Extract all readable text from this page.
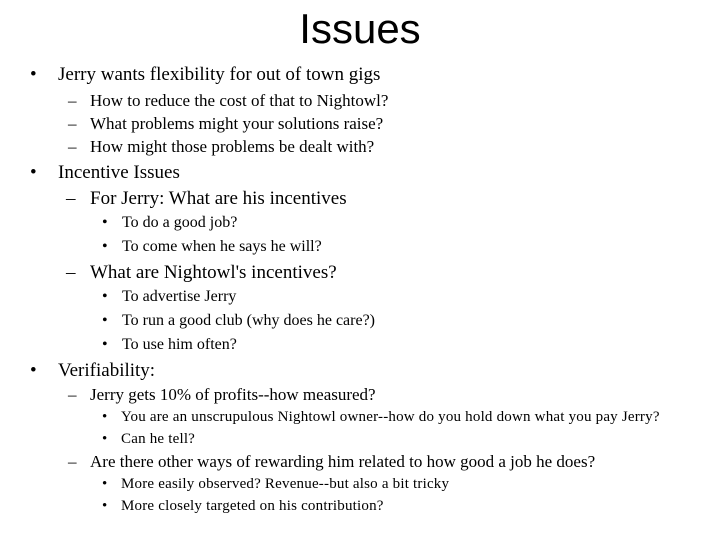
Issues
• Jerry wants flexibility for out of town gigs
– How to reduce the cost of that to Nightowl?
– What problems might your solutions raise?
– How might those problems be dealt with?
• Incentive Issues
– For Jerry: What are his incentives
• To do a good job?
• To come when he says he will?
– What are Nightowl's incentives?
• To advertise Jerry
• To run a good club (why does he care?)
• To use him often?
• Verifiability:
– Jerry gets 10% of profits--how measured?
• You are an unscrupulous Nightowl owner--how do you hold down what you pay Jerry?
• Can he tell?
– Are there other ways of rewarding him related to how good a job he does?
• More easily observed? Revenue--but also a bit tricky
• More closely targeted on his contribution?
